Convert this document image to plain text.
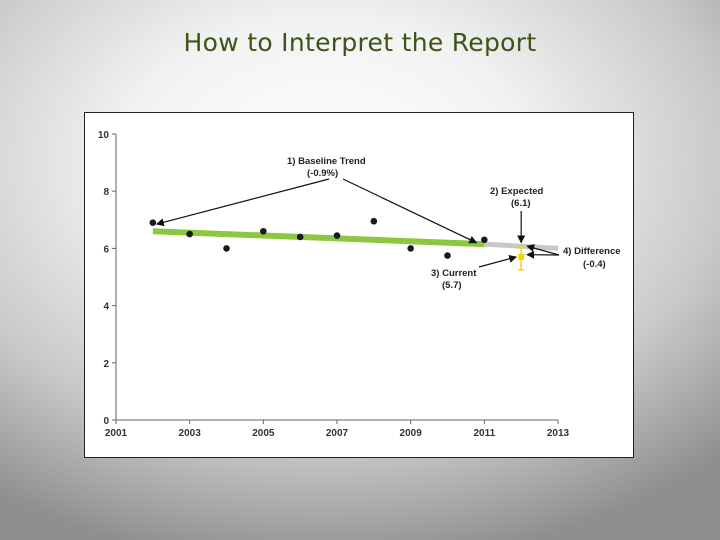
How to Interpret the Report
0
2
4
6
8
10
2001	2003	2005	2007	2009	2011	2013
1) Baseline Trend
(-0.9%)
2) Expected
(6.1)
3) Current
(5.7)
4) Difference
(-0.4)
